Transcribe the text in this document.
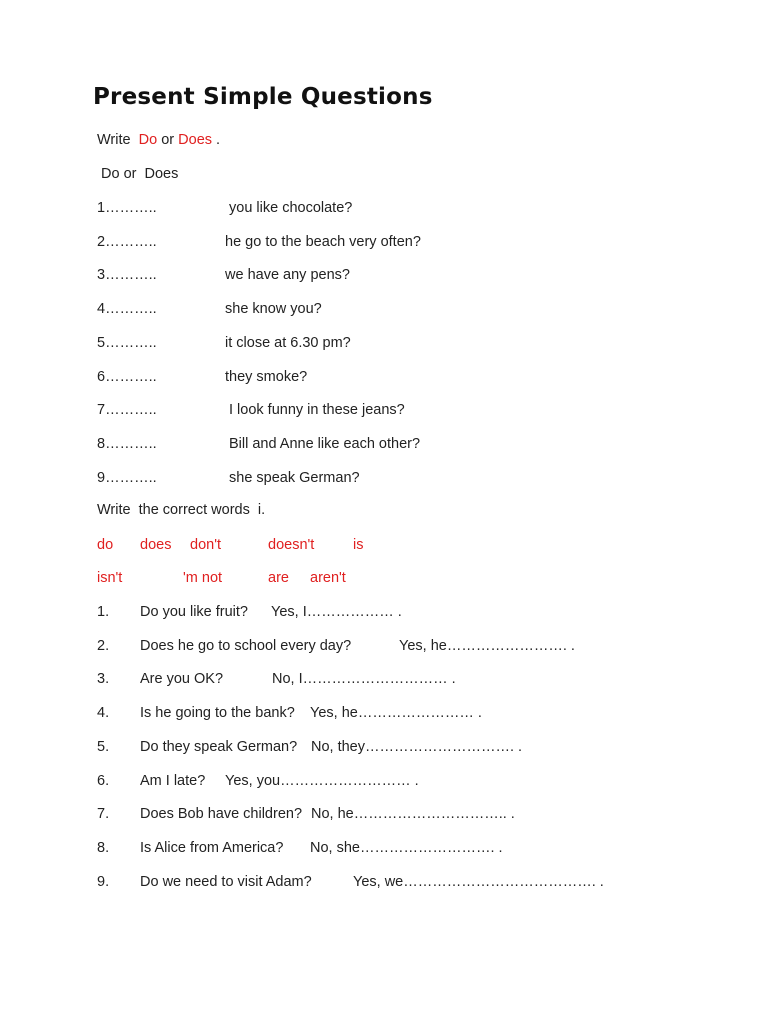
Present Simple Questions
Write Do or Does .
Do or  Does
1………..	you like chocolate?
2………..	he go to the beach very often?
3………..	we have any pens?
4………..	she know you?
5………..	it close at 6.30 pm?
6………..	they smoke?
7………..	I look funny in these jeans?
8………..	Bill and Anne like each other?
9………..	she speak German?
Write  the correct words  i.
do does don't	doesn't	is
isn't	'm not	are aren't
1. Do you like fruit? Yes, I……………… .
2. Does he go to school every day?	Yes, he……………………. .
3. Are you OK?	No, I………………………… .
4. Is he going to the bank? Yes, he…………………… .
5. Do they speak German? No, they…………………………. .
6. Am I late? Yes, you……………………… .
7. Does Bob have children? No, he………………………….. .
8. Is Alice from America? No, she………………………. .
9. Do we need to visit Adam?	Yes, we…………………………………. .
